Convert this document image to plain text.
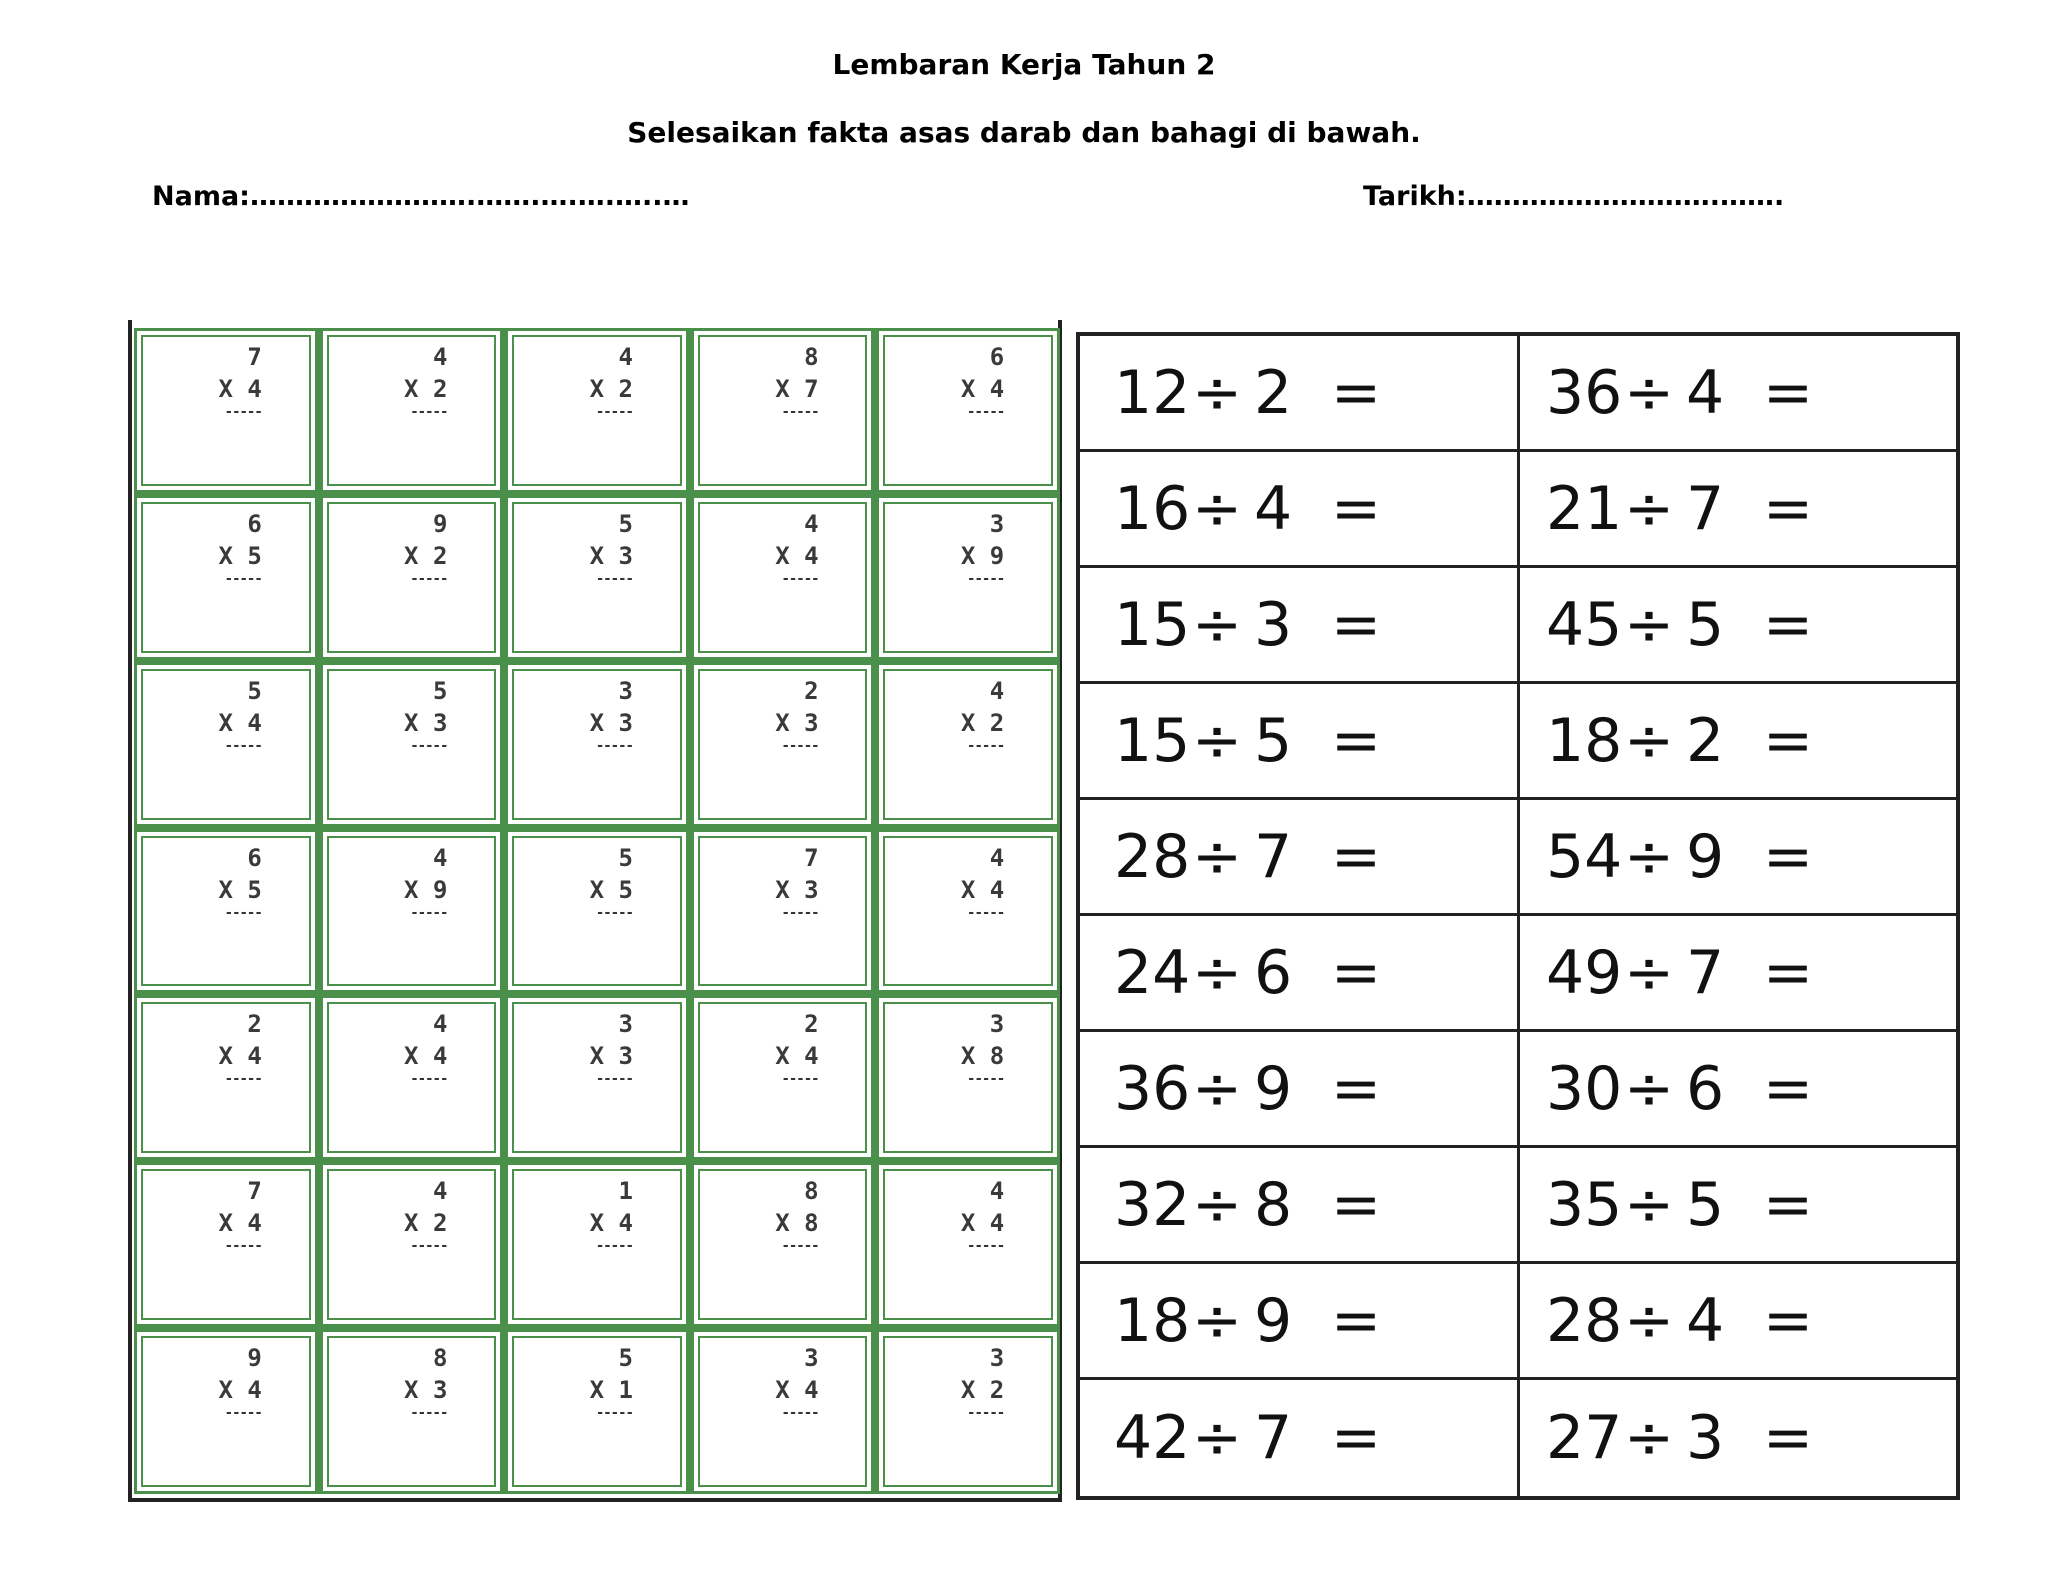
Lembaran Kerja Tahun 2
Selesaikan fakta asas darab dan bahagi di bawah.
Nama:…………………….…….….….…..…	Tarikh:……………………….…….
7
X 4
-----
4
X 2
-----
4
X 2
-----
8
X 7
-----
6
X 4
-----
6
X 5
-----
9
X 2
-----
5
X 3
-----
4
X 4
-----
3
X 9
-----
5
X 4
-----
5
X 3
-----
3
X 3
-----
2
X 3
-----
4
X 2
-----
6
X 5
-----
4
X 9
-----
5
X 5
-----
7
X 3
-----
4
X 4
-----
2
X 4
-----
4
X 4
-----
3
X 3
-----
2
X 4
-----
3
X 8
-----
7
X 4
-----
4
X 2
-----
1
X 4
-----
8
X 8
-----
4
X 4
-----
9
X 4
-----
8
X 3
-----
5
X 1
-----
3
X 4
-----
3
X 2
-----
12 ÷ 2 =	36 ÷ 4 =
16 ÷ 4 =	21 ÷ 7 =
15 ÷ 3 =	45 ÷ 5 =
15 ÷ 5 =	18 ÷ 2 =
28 ÷ 7 =	54 ÷ 9 =
24 ÷ 6 =	49 ÷ 7 =
36 ÷ 9 =	30 ÷ 6 =
32 ÷ 8 =	35 ÷ 5 =
18 ÷ 9 =	28 ÷ 4 =
42 ÷ 7 =	27 ÷ 3 =
